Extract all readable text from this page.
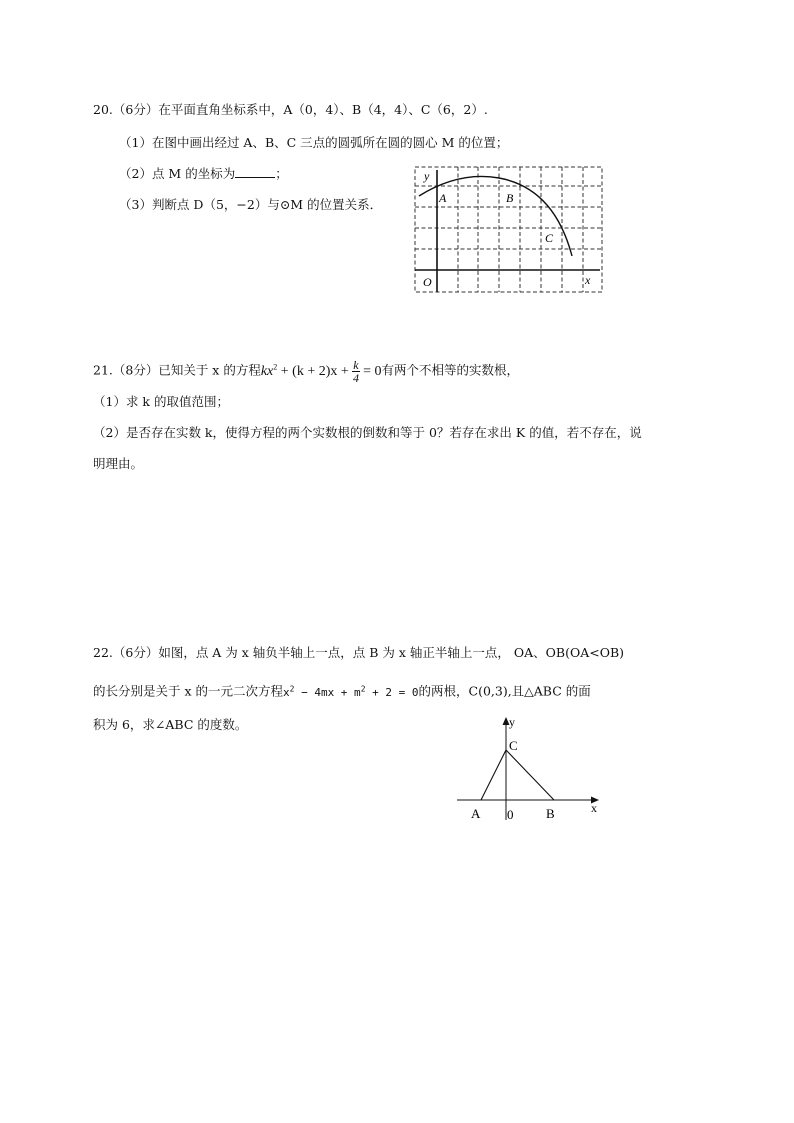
20.（6分）在平面直角坐标系中，A（0，4）、B（4，4）、C（6，2）.
（1）在图中画出经过 A、B、C 三点的圆弧所在圆的圆心 M 的位置；
（2）点 M 的坐标为	；
（3）判断点 D（5，−2）与⊙M 的位置关系．
y
A	B
C
O	x
21.（8分）已知关于 x 的方程$kx^2 + (k + 2)x + \frac{k}{4} = 0$有两个不相等的实数根，
（1）求 k 的取值范围；
（2）是否存在实数 k，使得方程的两个实数根的倒数和等于 0？若存在求出 K 的值，若不存在，说
明理由。
22.（6分）如图，点 A 为 x 轴负半轴上一点，点 B 为 x 轴正半轴上一点， OA、OB(OA<OB)
的长分别是关于 x 的一元二次方程$x^2 - 4mx + m^2 + 2 = 0$的两根，C(0,3),且△ABC 的面
积为 6，求∠ABC 的度数。	y
C
A 0	B	x
